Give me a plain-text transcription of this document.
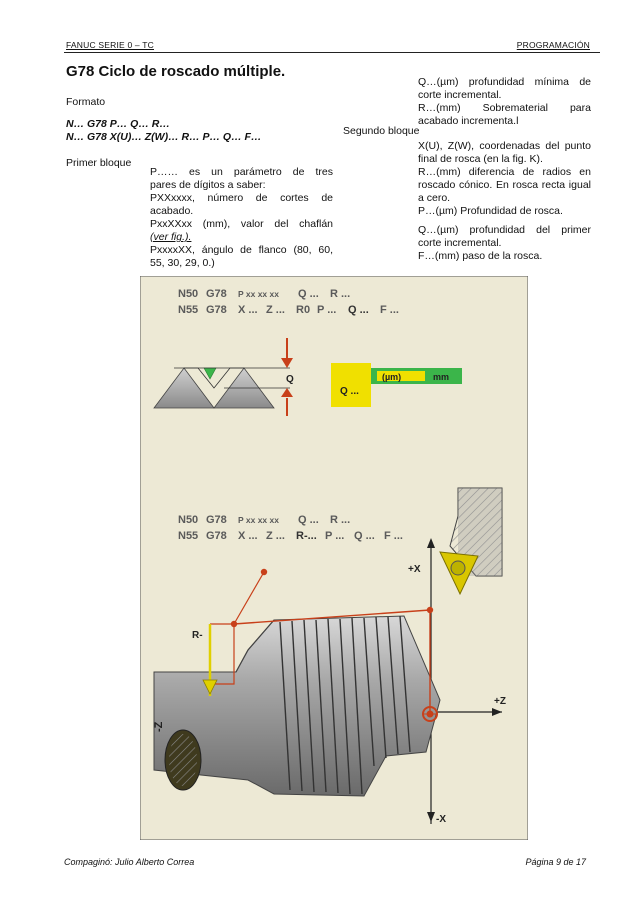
FANUC SERIE 0 – TC	PROGRAMACIÓN
G78 Ciclo de roscado múltiple.
Formato
N… G78 P… Q… R…
N… G78 X(U)… Z(W)… R… P… Q… F…
Primer bloque
P…… es un parámetro de tres
pares de dígitos a saber:
PXXxxxx, número de cortes de
acabado.
PxxXXxx (mm), valor del chaflán
(ver fig.).
PxxxxXX, ángulo de flanco (80, 60,
55, 30, 29, 0.)
Q…(µm) profundidad mínima de
corte incremental.
R…(mm) Sobrematerial para
acabado incrementa.l
Segundo bloque
X(U), Z(W), coordenadas del punto
final de rosca (en la fig. K).
R…(mm) diferencia de radios en
roscado cónico. En rosca recta igual
a cero.
P…(µm) Profundidad de rosca.
Q…(µm) profundidad del primer
corte incremental.
F…(mm) paso de la rosca.
N50 G78 P xx xx xx Q ... R ...
N55 G78 X ... Z ... R0 P ... Q ... F ...
Q
Q ...
(µm)	mm
N50 G78 P xx xx xx Q ... R ...
N55 G78 X ... Z ... R-... P ... Q ... F ...
+X
-X
+Z
-Z
R-
Compaginó: Julio Alberto Correa	Página 9 de 17
